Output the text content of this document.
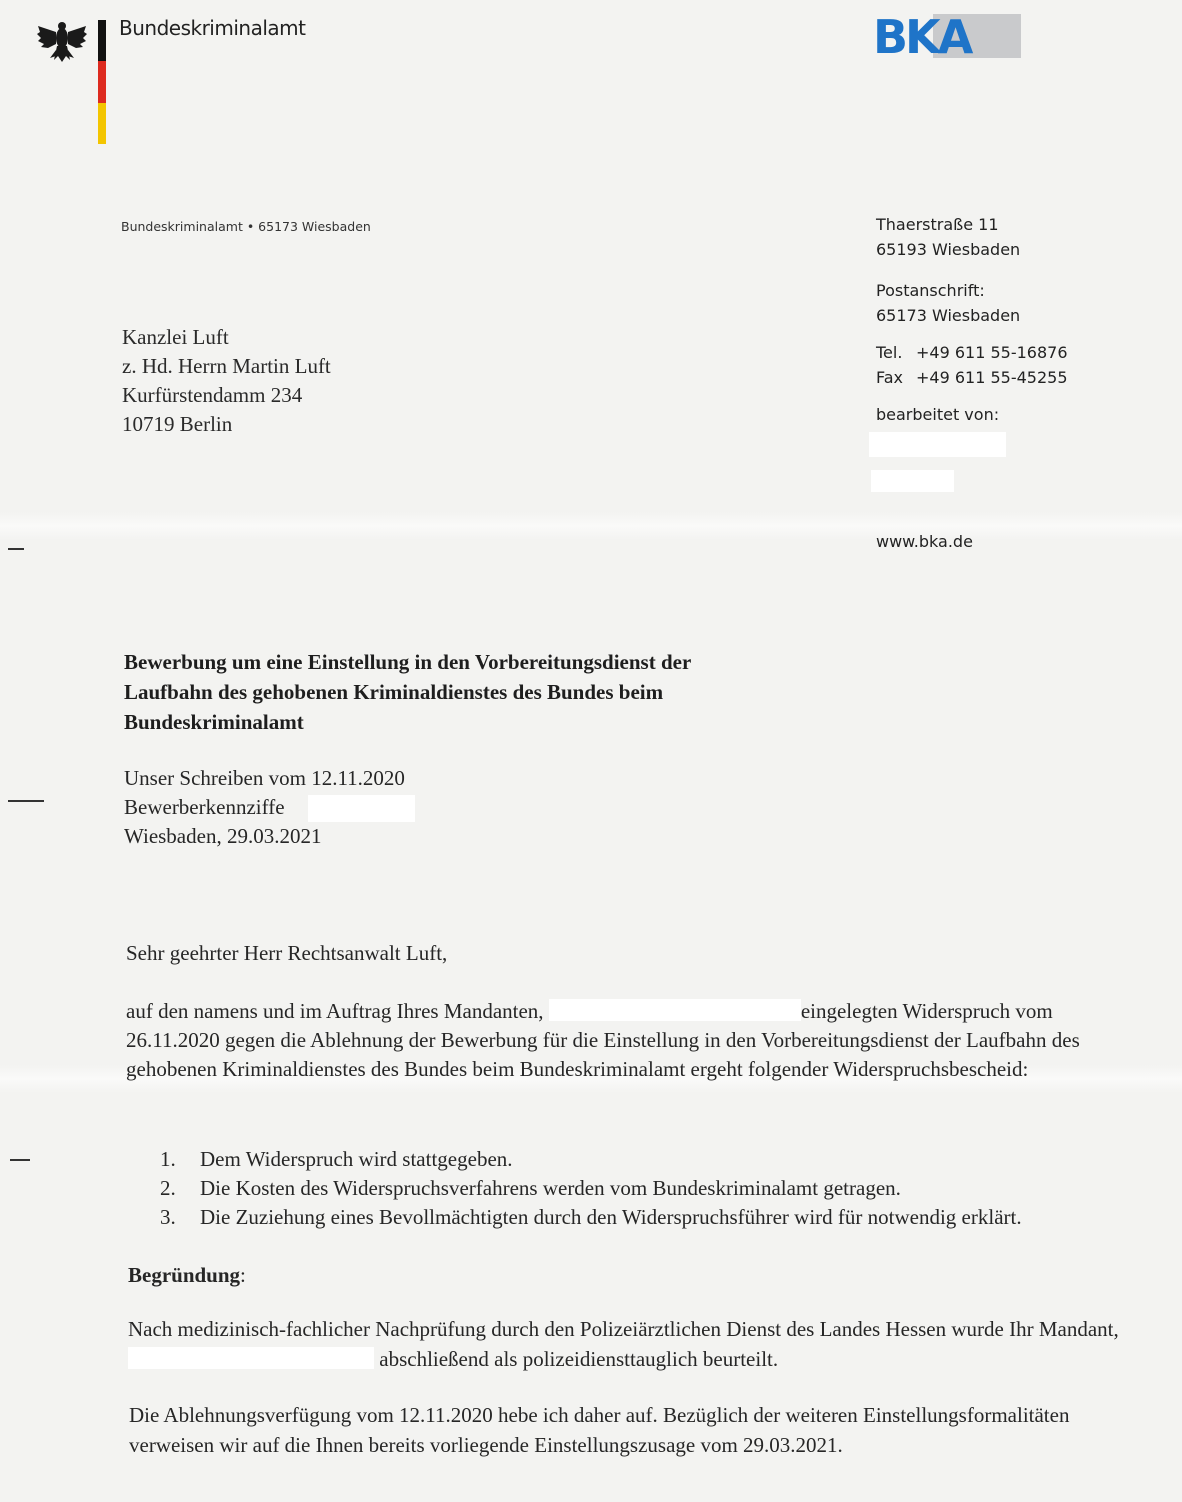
Bundeskriminalamt	BKA
Bundeskriminalamt • 65173 Wiesbaden	Thaerstraße 11
65193 Wiesbaden
Postanschrift:
65173 Wiesbaden
Tel. +49 611 55-16876
Fax +49 611 55-45255
bearbeitet von:
www.bka.de
Kanzlei Luft
z. Hd. Herrn Martin Luft
Kurfürstendamm 234
10719 Berlin
Bewerbung um eine Einstellung in den Vorbereitungsdienst der
Laufbahn des gehobenen Kriminaldienstes des Bundes beim
Bundeskriminalamt
Unser Schreiben vom 12.11.2020
Bewerberkennziffe
Wiesbaden, 29.03.2021
Sehr geehrter Herr Rechtsanwalt Luft,
auf den namens und im Auftrag Ihres Mandanten,	eingelegten Widerspruch vom 26.11.2020 gegen die Ablehnung der Bewerbung für die Einstellung in den Vorbereitungsdienst der Laufbahn des gehobenen Kriminaldienstes des Bundes beim Bundeskriminalamt ergeht folgender Widerspruchsbescheid:
1. Dem Widerspruch wird stattgegeben.
2. Die Kosten des Widerspruchsverfahrens werden vom Bundeskriminalamt getragen.
3. Die Zuziehung eines Bevollmächtigten durch den Widerspruchsführer wird für notwendig erklärt.
Begründung:
Nach medizinisch-fachlicher Nachprüfung durch den Polizeiärztlichen Dienst des Landes Hessen wurde Ihr Mandant,  abschließend als polizeidiensttauglich beurteilt.
Die Ablehnungsverfügung vom 12.11.2020 hebe ich daher auf. Bezüglich der weiteren Einstellungsformalitäten verweisen wir auf die Ihnen bereits vorliegende Einstellungszusage vom 29.03.2021.
